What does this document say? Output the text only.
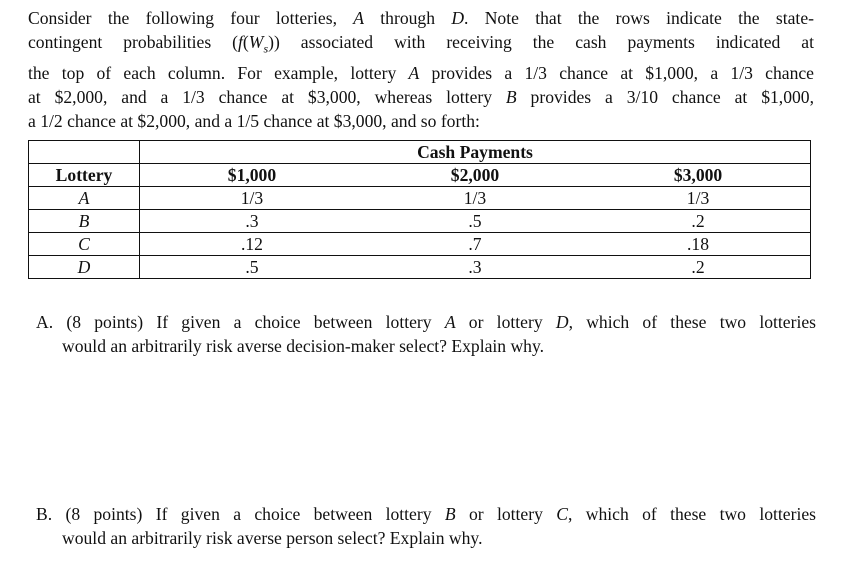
Consider the following four lotteries, A through D. Note that the rows indicate the state-
contingent probabilities $(f(W_s))$ associated with receiving the cash payments indicated at
the top of each column. For example, lottery A provides a 1/3 chance at $1,000, a 1/3 chance
at $2,000, and a 1/3 chance at $3,000, whereas lottery B provides a 3/10 chance at $1,000,
a 1/2 chance at $2,000, and a 1/5 chance at $3,000, and so forth:
	Cash Payments		
Lottery	$1,000	$2,000	$3,000
A	1/3	1/3	1/3
B	.3	.5	.2
C	.12	.7	.18
D	.5	.3	.2
A. (8 points) If given a choice between lottery A or lottery D, which of these two lotteries
would an arbitrarily risk averse decision-maker select? Explain why.
B. (8 points) If given a choice between lottery B or lottery C, which of these two lotteries
would an arbitrarily risk averse person select? Explain why.
